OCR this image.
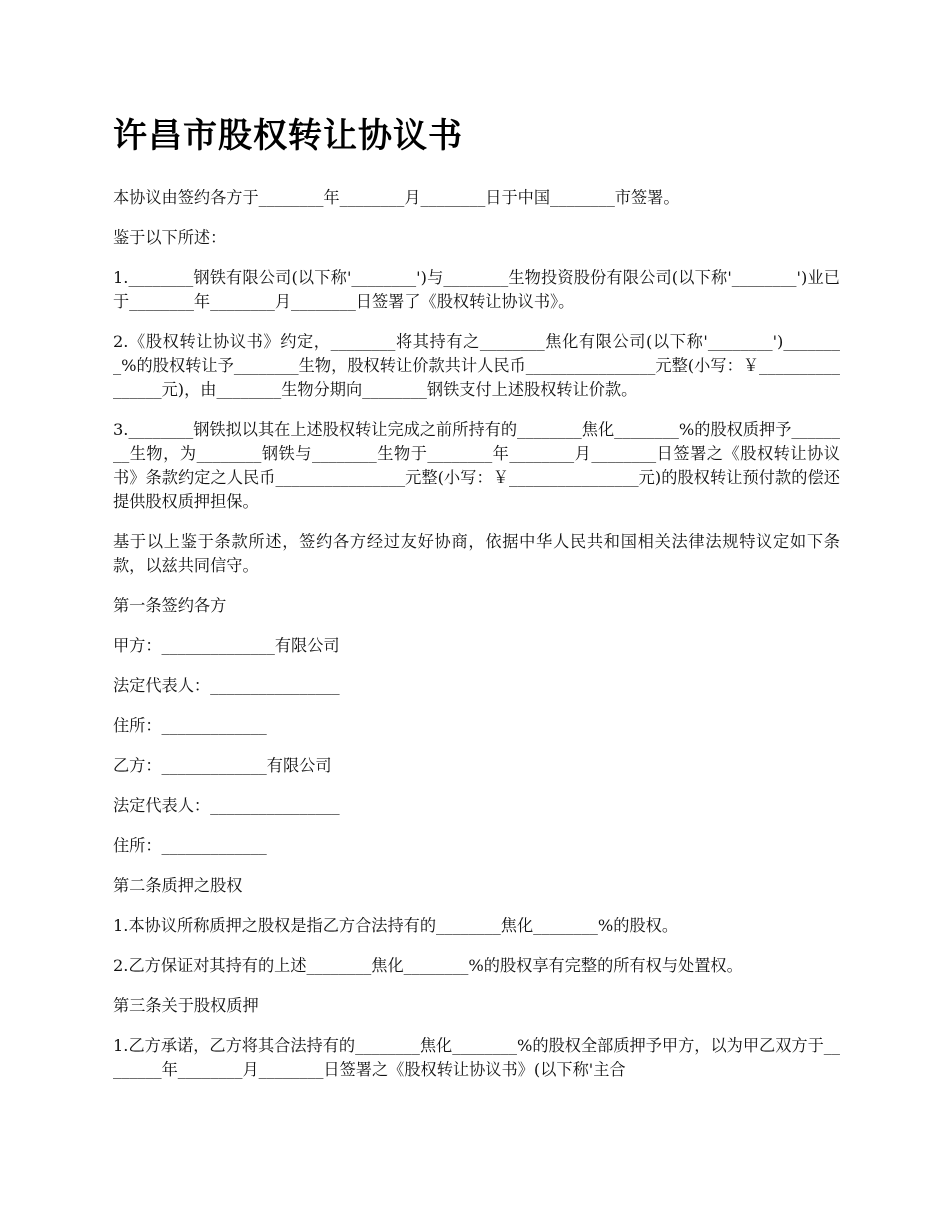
许昌市股权转让协议书

本协议由签约各方于________年________月________日于中国________市签署。

鉴于以下所述：

1.________钢铁有限公司(以下称'________')与________生物投资股份有限公司(以下称'________')业已于________年________月________日签署了《股权转让协议书》。

2.《股权转让协议书》约定，________将其持有之________焦化有限公司(以下称'________')________%的股权转让予________生物，股权转让价款共计人民币________________元整(小写：￥________________元)，由________生物分期向________钢铁支付上述股权转让价款。

3.________钢铁拟以其在上述股权转让完成之前所持有的________焦化________%的股权质押予________生物，为________钢铁与________生物于________年________月________日签署之《股权转让协议书》条款约定之人民币________________元整(小写：￥________________元)的股权转让预付款的偿还提供股权质押担保。

基于以上鉴于条款所述，签约各方经过友好协商，依据中华人民共和国相关法律法规特议定如下条款，以兹共同信守。

第一条签约各方

甲方：______________有限公司

法定代表人：________________

住所：_____________

乙方：_____________有限公司

法定代表人：________________

住所：_____________

第二条质押之股权

1.本协议所称质押之股权是指乙方合法持有的________焦化________%的股权。

2.乙方保证对其持有的上述________焦化________%的股权享有完整的所有权与处置权。

第三条关于股权质押

1.乙方承诺，乙方将其合法持有的________焦化________%的股权全部质押予甲方，以为甲乙双方于________年________月________日签署之《股权转让协议书》(以下称'主合
